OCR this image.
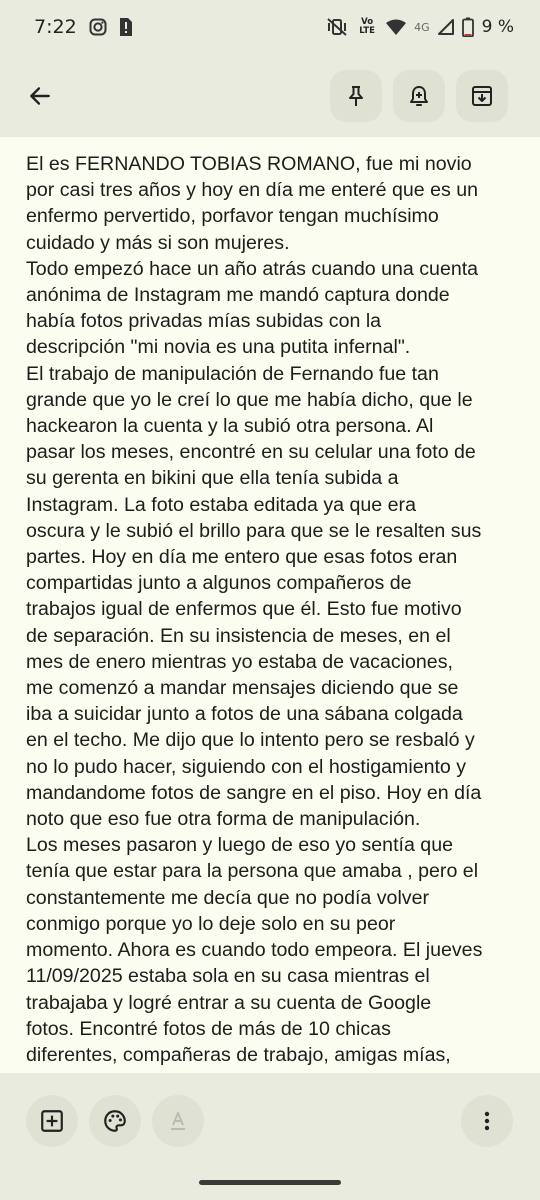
7:22	Vo LTE	4G	9 %
El es FERNANDO TOBIAS ROMANO, fue mi novio
por casi tres años y hoy en día me enteré que es un
enfermo pervertido, porfavor tengan muchísimo
cuidado y más si son mujeres.
Todo empezó hace un año atrás cuando una cuenta
anónima de Instagram me mandó captura donde
había fotos privadas mías subidas con la
descripción "mi novia es una putita infernal".
El trabajo de manipulación de Fernando fue tan
grande que yo le creí lo que me había dicho, que le
hackearon la cuenta y la subió otra persona. Al
pasar los meses, encontré en su celular una foto de
su gerenta en bikini que ella tenía subida a
Instagram. La foto estaba editada ya que era
oscura y le subió el brillo para que se le resalten sus
partes. Hoy en día me entero que esas fotos eran
compartidas junto a algunos compañeros de
trabajos igual de enfermos que él. Esto fue motivo
de separación. En su insistencia de meses, en el
mes de enero mientras yo estaba de vacaciones,
me comenzó a mandar mensajes diciendo que se
iba a suicidar junto a fotos de una sábana colgada
en el techo. Me dijo que lo intento pero se resbaló y
no lo pudo hacer, siguiendo con el hostigamiento y
mandandome fotos de sangre en el piso. Hoy en día
noto que eso fue otra forma de manipulación.
Los meses pasaron y luego de eso yo sentía que
tenía que estar para la persona que amaba , pero el
constantemente me decía que no podía volver
conmigo porque yo lo deje solo en su peor
momento. Ahora es cuando todo empeora. El jueves
11/09/2025 estaba sola en su casa mientras el
trabajaba y logré entrar a su cuenta de Google
fotos. Encontré fotos de más de 10 chicas
diferentes, compañeras de trabajo, amigas mías,
